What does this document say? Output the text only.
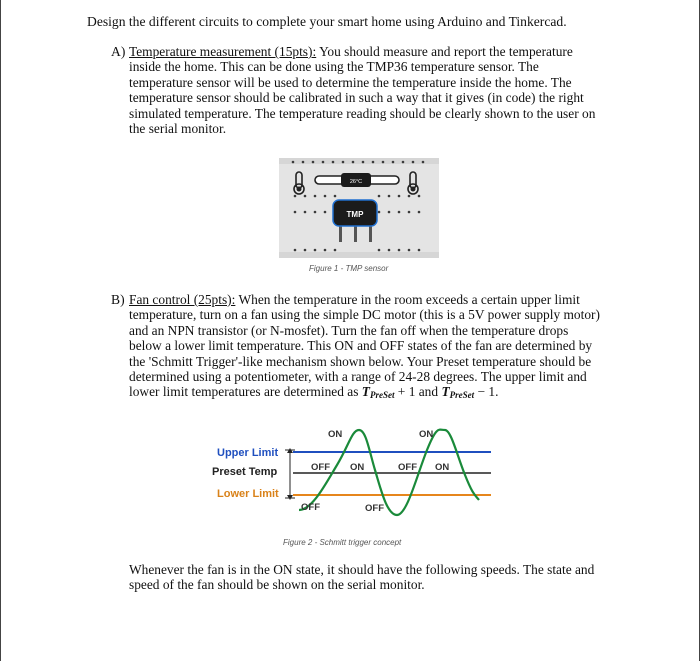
Design the different circuits to complete your smart home using Arduino and Tinkercad.
A) Temperature measurement (15pts): You should measure and report the temperature
inside the home. This can be done using the TMP36 temperature sensor. The
temperature sensor will be used to determine the temperature inside the home. The
temperature sensor should be calibrated in such a way that it gives (in code) the right
simulated temperature. The temperature reading should be clearly shown to the user on
the serial monitor.
26°C
TMP
Figure 1 - TMP sensor
B) Fan control (25pts): When the temperature in the room exceeds a certain upper limit
temperature, turn on a fan using the simple DC motor (this is a 5V power supply motor)
and an NPN transistor (or N-mosfet). Turn the fan off when the temperature drops
below a lower limit temperature. This ON and OFF states of the fan are determined by
the 'Schmitt Trigger'-like mechanism shown below. Your Preset temperature should be
determined using a potentiometer, with a range of 24-28 degrees. The upper limit and
lower limit temperatures are determined as TPreSet + 1 and TPreSet − 1.
Upper Limit
Preset Temp
Lower Limit
ON	ON
OFF ON	OFF ON
OFF	OFF
Figure 2 - Schmitt trigger concept
Whenever the fan is in the ON state, it should have the following speeds. The state and
speed of the fan should be shown on the serial monitor.
